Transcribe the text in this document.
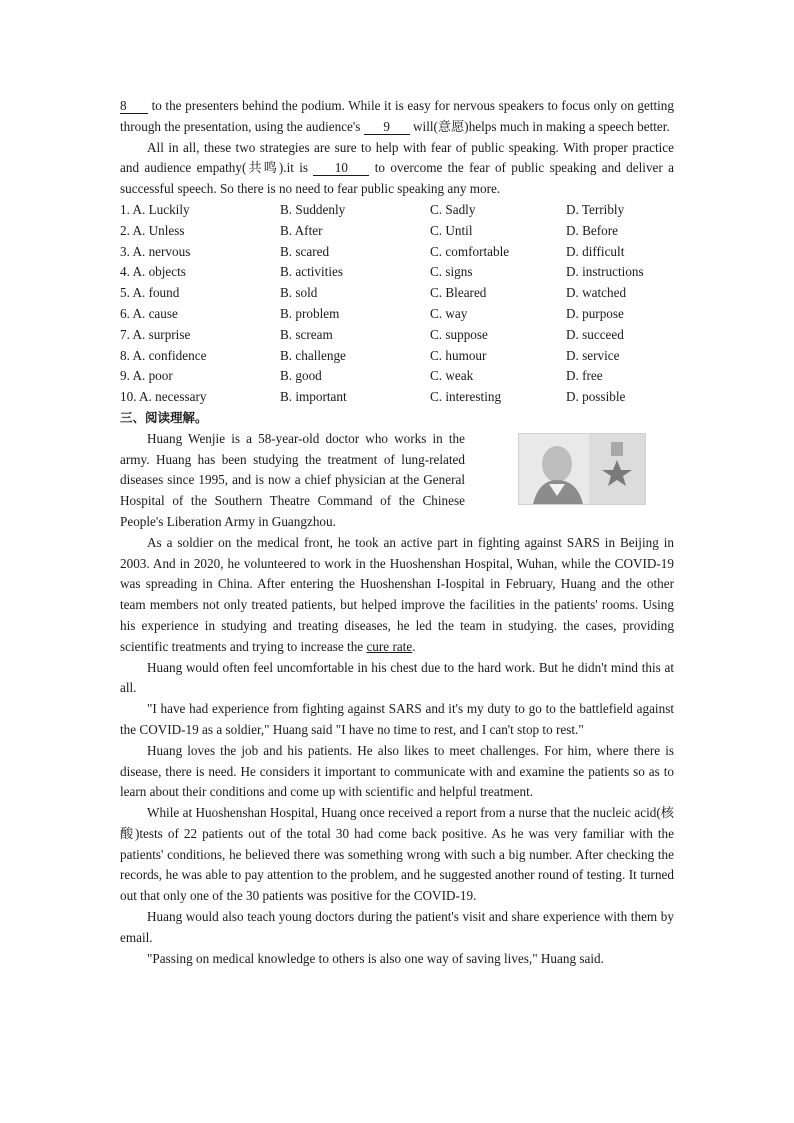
8 to the presenters behind the podium. While it is easy for nervous speakers to focus only on getting through the presentation, using the audience's 9 will(意愿)helps much in making a speech better.

All in all, these two strategies are sure to help with fear of public speaking. With proper practice and audience empathy(共鸣).it is 10 to overcome the fear of public speaking and deliver a successful speech. So there is no need to fear public speaking any more.

1. A. Luckily	B. Suddenly	C. Sadly	D. Terribly
2. A. Unless	B. After	C. Until	D. Before
3. A. nervous	B. scared	C. comfortable	D. difficult
4. A. objects	B. activities	C. signs	D. instructions
5. A. found	B. sold	C. Bleared	D. watched
6. A. cause	B. problem	C. way	D. purpose
7. A. surprise	B. scream	C. suppose	D. succeed
8. A. confidence	B. challenge	C. humour	D. service
9. A. poor	B. good	C. weak	D. free
10. A. necessary	B. important	C. interesting	D. possible
三、阅读理解。

Huang Wenjie is a 58-year-old doctor who works in the army. Huang has been studying the treatment of lung-related diseases since 1995, and is now a chief physician at the General Hospital of the Southern Theatre Command of the Chinese People's Liberation Army in Guangzhou.

As a soldier on the medical front, he took an active part in fighting against SARS in Beijing in 2003. And in 2020, he volunteered to work in the Huoshenshan Hospital, Wuhan, while the COVID-19 was spreading in China. After entering the Huoshenshan I-Iospital in February, Huang and the other team members not only treated patients, but helped improve the facilities in the patients' rooms. Using his experience in studying and treating diseases, he led the team in studying. the cases, providing scientific treatments and trying to increase the cure rate.

Huang would often feel uncomfortable in his chest due to the hard work. But he didn't mind this at all.

"I have had experience from fighting against SARS and it's my duty to go to the battlefield against the COVID-19 as a soldier," Huang said "I have no time to rest, and I can't stop to rest."

Huang loves the job and his patients. He also likes to meet challenges. For him, where there is disease, there is need. He considers it important to communicate with and examine the patients so as to learn about their conditions and come up with scientific and helpful treatment.

While at Huoshenshan Hospital, Huang once received a report from a nurse that the nucleic acid(核酸)tests of 22 patients out of the total 30 had come back positive. As he was very familiar with the patients' conditions, he believed there was something wrong with such a big number. After checking the records, he was able to pay attention to the problem, and he suggested another round of testing. It turned out that only one of the 30 patients was positive for the COVID-19.

Huang would also teach young doctors during the patient's visit and share experience with them by email.

"Passing on medical knowledge to others is also one way of saving lives," Huang said.
